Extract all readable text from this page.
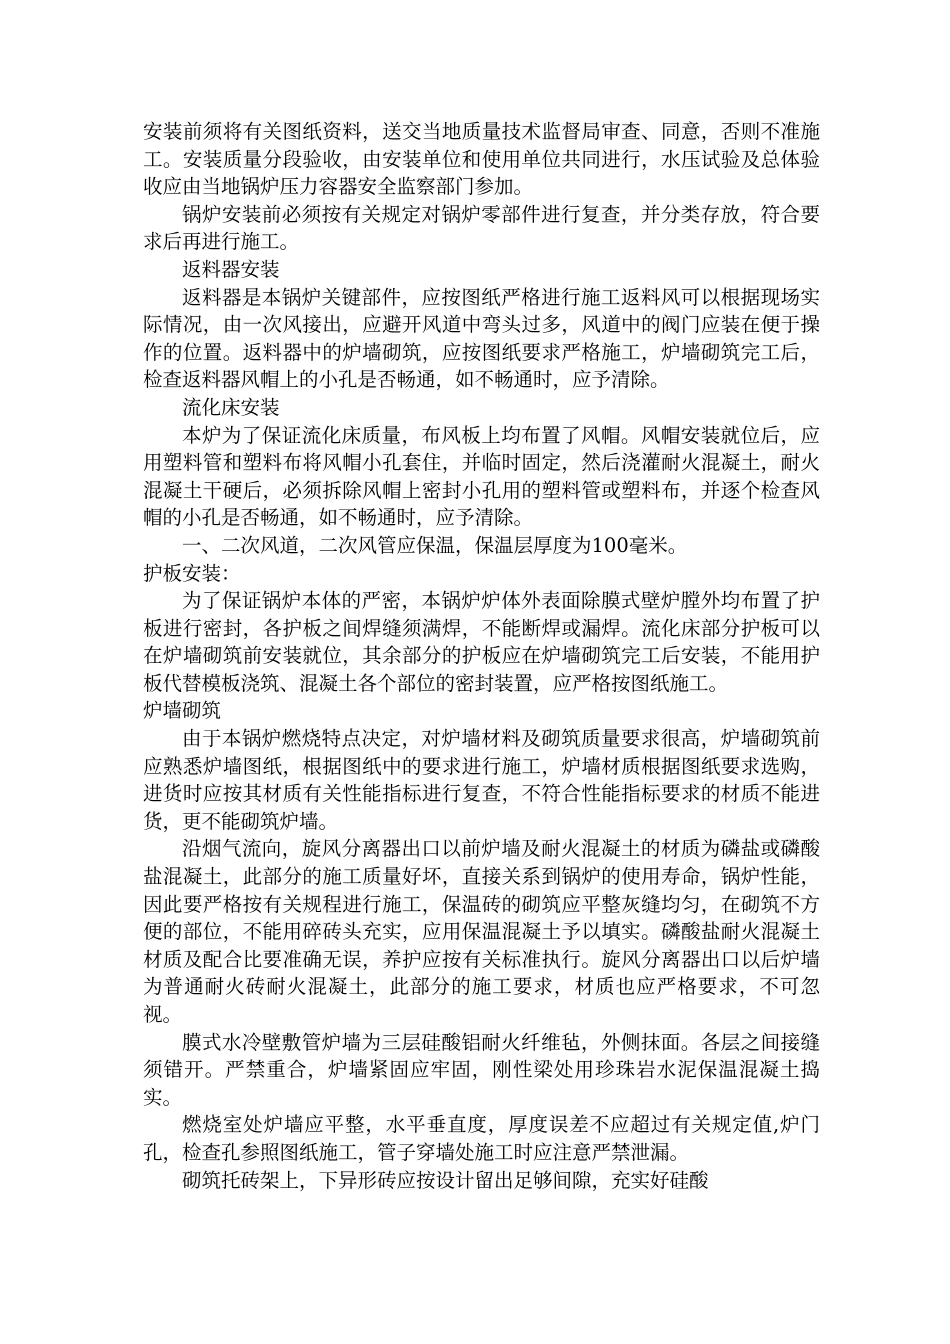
安装前须将有关图纸资料，送交当地质量技术监督局审查、同意，否则不准施工。安装质量分段验收，由安装单位和使用单位共同进行，水压试验及总体验收应由当地锅炉压力容器安全监察部门参加。

锅炉安装前必须按有关规定对锅炉零部件进行复查，并分类存放，符合要求后再进行施工。

返料器安装

返料器是本锅炉关键部件，应按图纸严格进行施工返料风可以根据现场实际情况，由一次风接出，应避开风道中弯头过多，风道中的阀门应装在便于操作的位置。返料器中的炉墙砌筑，应按图纸要求严格施工，炉墙砌筑完工后，检查返料器风帽上的小孔是否畅通，如不畅通时，应予清除。

流化床安装

本炉为了保证流化床质量，布风板上均布置了风帽。风帽安装就位后，应用塑料管和塑料布将风帽小孔套住，并临时固定，然后浇灌耐火混凝土，耐火混凝土干硬后，必须拆除风帽上密封小孔用的塑料管或塑料布，并逐个检查风帽的小孔是否畅通，如不畅通时，应予清除。

一、二次风道，二次风管应保温，保温层厚度为100毫米。

护板安装：

为了保证锅炉本体的严密，本锅炉炉体外表面除膜式壁炉膛外均布置了护板进行密封，各护板之间焊缝须满焊，不能断焊或漏焊。流化床部分护板可以在炉墙砌筑前安装就位，其余部分的护板应在炉墙砌筑完工后安装，不能用护板代替模板浇筑、混凝土各个部位的密封装置，应严格按图纸施工。

炉墙砌筑

由于本锅炉燃烧特点决定，对炉墙材料及砌筑质量要求很高，炉墙砌筑前应熟悉炉墙图纸，根据图纸中的要求进行施工，炉墙材质根据图纸要求选购，进货时应按其材质有关性能指标进行复查，不符合性能指标要求的材质不能进货，更不能砌筑炉墙。

沿烟气流向，旋风分离器出口以前炉墙及耐火混凝土的材质为磷盐或磷酸盐混凝土，此部分的施工质量好坏，直接关系到锅炉的使用寿命，锅炉性能，因此要严格按有关规程进行施工，保温砖的砌筑应平整灰缝均匀，在砌筑不方便的部位，不能用碎砖头充实，应用保温混凝土予以填实。磷酸盐耐火混凝土材质及配合比要准确无误，养护应按有关标准执行。旋风分离器出口以后炉墙为普通耐火砖耐火混凝土，此部分的施工要求，材质也应严格要求，不可忽视。

膜式水冷壁敷管炉墙为三层硅酸铝耐火纤维毡，外侧抹面。各层之间接缝须错开。严禁重合，炉墙紧固应牢固，刚性梁处用珍珠岩水泥保温混凝土捣实。

燃烧室处炉墙应平整，水平垂直度，厚度误差不应超过有关规定值,炉门孔，检查孔参照图纸施工，管子穿墙处施工时应注意严禁泄漏。

砌筑托砖架上，下异形砖应按设计留出足够间隙，充实好硅酸
